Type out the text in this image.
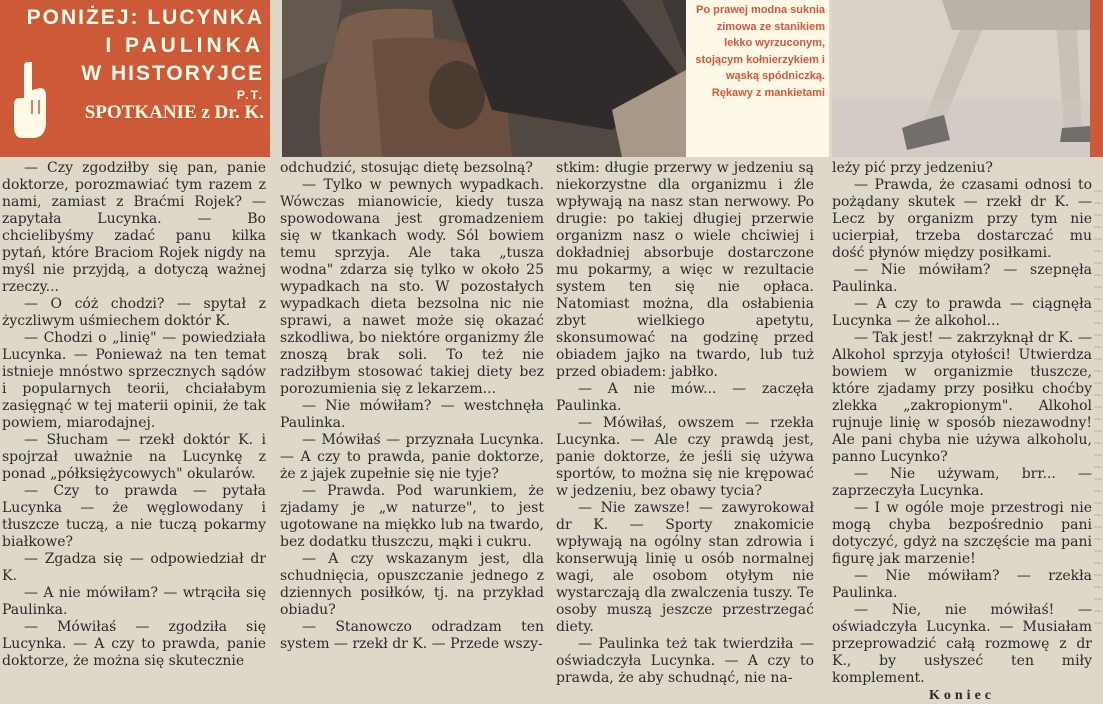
PONIŻEJ: LUCYNKA
I PAULINKA
W HISTORYJCE
P.T.
SPOTKANIE z Dr. K.
Po prawej modna suknia zimowa ze stanikiem lekko wyrzuconym, stojącym kołnierzykiem i wąską spódniczką. Rękawy z mankietami

— Czy zgodziłby się pan, panie doktorze, porozmawiać tym razem z nami, zamiast z Braćmi Rojek? — zapytała Lucynka. — Bo chcielibyśmy zadać panu kilka pytań, które Braciom Rojek nigdy na myśl nie przyjdą, a dotyczą ważnej rzeczy...

— O cóż chodzi? — spytał z życzliwym uśmiechem doktór K.

— Chodzi o „linię" — powiedziała Lucynka. — Ponieważ na ten temat istnieje mnóstwo sprzecznych sądów i popularnych teorii, chciałabym zasięgnąć w tej materii opinii, że tak powiem, miarodajnej.

— Słucham — rzekł doktór K. i spojrzał uważnie na Lucynkę z ponad „półksiężycowych" okularów.

— Czy to prawda — pytała Lucynka — że węglowodany i tłuszcze tuczą, a nie tuczą pokarmy białkowe?

— Zgadza się — odpowiedział dr K.

— A nie mówiłam? — wtrąciła się Paulinka.

— Mówiłaś — zgodziła się Lucynka. — A czy to prawda, panie doktorze, że można się skutecznie

odchudzić, stosując dietę bezsolną?

— Tylko w pewnych wypadkach. Wówczas mianowicie, kiedy tusza spowodowana jest gromadzeniem się w tkankach wody. Sól bowiem temu sprzyja. Ale taka „tusza wodna" zdarza się tylko w około 25 wypadkach na sto. W pozostałych wypadkach dieta bezsolna nic nie sprawi, a nawet może się okazać szkodliwa, bo niektóre organizmy źle znoszą brak soli. To też nie radziłbym stosować takiej diety bez porozumienia się z lekarzem...

— Nie mówiłam? — westchnęła Paulinka.

— Mówiłaś — przyznała Lucynka. — A czy to prawda, panie doktorze, że z jajek zupełnie się nie tyje?

— Prawda. Pod warunkiem, że zjadamy je „w naturze", to jest ugotowane na miękko lub na twardo, bez dodatku tłuszczu, mąki i cukru.

— A czy wskazanym jest, dla schudnięcia, opuszczanie jednego z dziennych posiłków, tj. na przykład obiadu?

— Stanowczo odradzam ten system — rzekł dr K. — Przede wszy-

stkim: długie przerwy w jedzeniu są niekorzystne dla organizmu i źle wpływają na nasz stan nerwowy. Po drugie: po takiej długiej przerwie organizm nasz o wiele chciwiej i dokładniej absorbuje dostarczone mu pokarmy, a więc w rezultacie system ten się nie opłaca. Natomiast można, dla osłabienia zbyt wielkiego apetytu, skonsumować na godzinę przed obiadem jajko na twardo, lub tuż przed obiadem: jabłko.

— A nie mów... — zaczęła Paulinka.

— Mówiłaś, owszem — rzekła Lucynka. — Ale czy prawdą jest, panie doktorze, że jeśli się używa sportów, to można się nie krępować w jedzeniu, bez obawy tycia?

— Nie zawsze! — zawyrokował dr K. — Sporty znakomicie wpływają na ogólny stan zdrowia i konserwują linię u osób normalnej wagi, ale osobom otyłym nie wystarczają dla zwalczenia tuszy. Te osoby muszą jeszcze przestrzegać diety.

— Paulinka też tak twierdziła — oświadczyła Lucynka. — A czy to prawda, że aby schudnąć, nie na-

leży pić przy jedzeniu?

— Prawda, że czasami odnosi to pożądany skutek — rzekł dr K. — Lecz by organizm przy tym nie ucierpiał, trzeba dostarczać mu dość płynów między posiłkami.

— Nie mówiłam? — szepnęła Paulinka.

— A czy to prawda — ciągnęła Lucynka — że alkohol...

— Tak jest! — zakrzyknął dr K. — Alkohol sprzyja otyłości! Utwierdza bowiem w organizmie tłuszcze, które zjadamy przy posiłku choćby zlekka „zakropionym". Alkohol rujnuje linię w sposób niezawodny! Ale pani chyba nie używa alkoholu, panno Lucynko?

— Nie używam, brr... — zaprzeczyła Lucynka.

— I w ogóle moje przestrogi nie mogą chyba bezpośrednio pani dotyczyć, gdyż na szczęście ma pani figurę jak marzenie!

— Nie mówiłam? — rzekła Paulinka.

— Nie, nie mówiłaś! — oświadczyła Lucynka. — Musiałam przeprowadzić całą rozmowę z dr K., by usłyszeć ten miły komplement.

Koniec
